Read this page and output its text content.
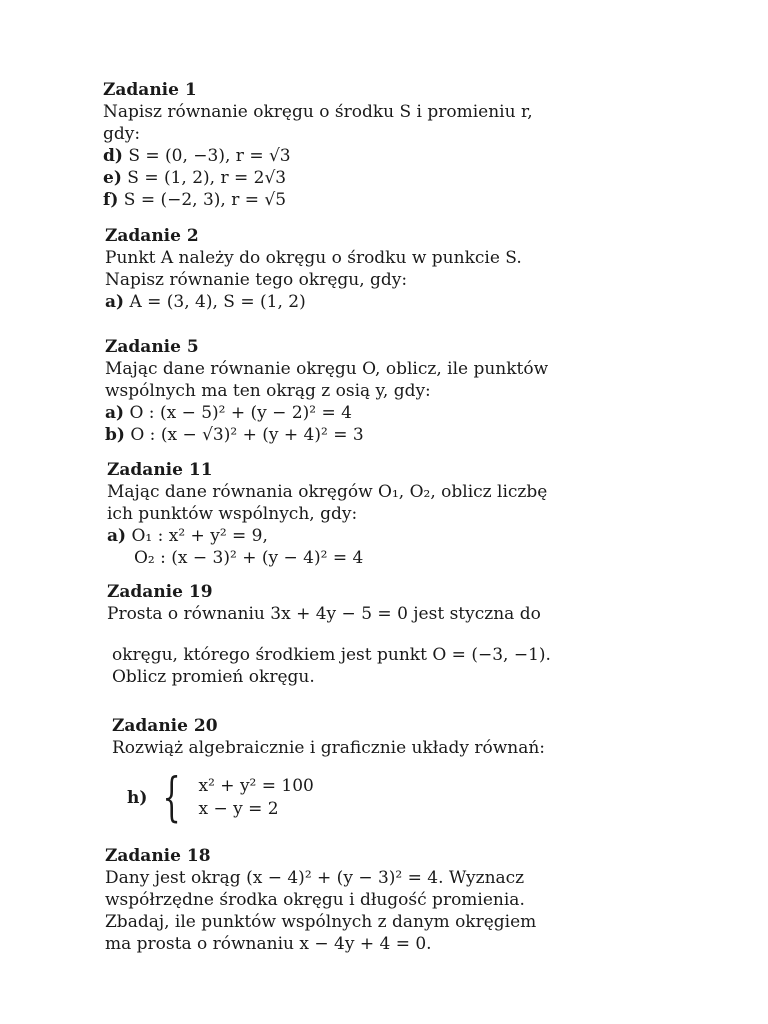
Zadanie 1
Napisz równanie okręgu o środku S i promieniu r,
gdy:
d) S = (0, −3), r = √3
e) S = (1, 2), r = 2√3
f) S = (−2, 3), r = √5
Zadanie 2
Punkt A należy do okręgu o środku w punkcie S.
Napisz równanie tego okręgu, gdy:
a) A = (3, 4), S = (1, 2)
Zadanie 5
Mając dane równanie okręgu O, oblicz, ile punktów
wspólnych ma ten okrąg z osią y, gdy:
a) O : (x − 5)² + (y − 2)² = 4
b) O : (x − √3)² + (y + 4)² = 3
Zadanie 11
Mając dane równania okręgów O₁, O₂, oblicz liczbę
ich punktów wspólnych, gdy:
a) O₁ : x² + y² = 9,
O₂ : (x − 3)² + (y − 4)² = 4
Zadanie 19
Prosta o równaniu 3x + 4y − 5 = 0 jest styczna do
okręgu, którego środkiem jest punkt O = (−3, −1).
Oblicz promień okręgu.
Zadanie 20
Rozwiąż algebraicznie i graficznie układy równań:
h) { x² + y² = 100
x − y = 2
Zadanie 18
Dany jest okrąg (x − 4)² + (y − 3)² = 4. Wyznacz
współrzędne środka okręgu i długość promienia.
Zbadaj, ile punktów wspólnych z danym okręgiem
ma prosta o równaniu x − 4y + 4 = 0.
